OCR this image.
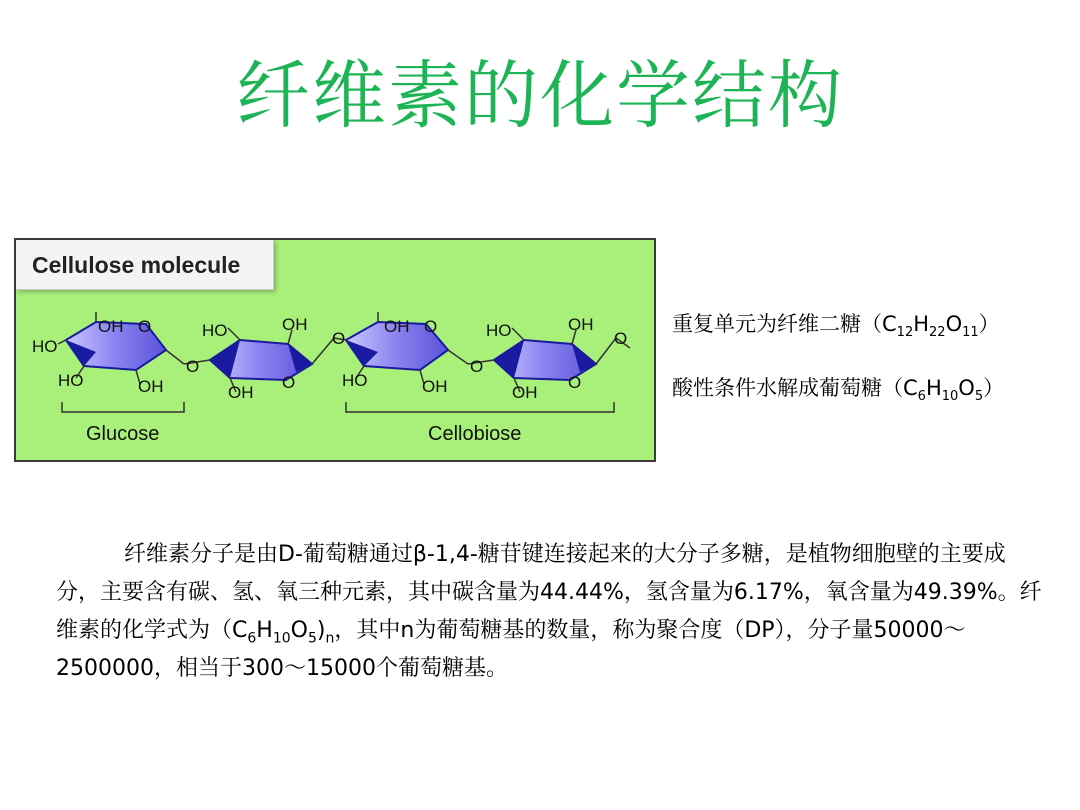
纤维素的化学结构
HO
OH O
HO	OH
O
HO	OH
OH
O
O
OH O
HO	OH
O
HO	OH
OH
O
O
Glucose	Cellobiose
Cellulose molecule
重复单元为纤维二糖$(C_{12}H_{22}O_{11})$
酸性条件水解成葡萄糖$(C_6H_{10}O_5)$
纤维素分子是由D-葡萄糖通过β-1,4-糖苷键连接起来的大分子多糖，是植物细胞壁的主要成分，主要含有碳、氢、氧三种元素，其中碳含量为44.44%，氢含量为6.17%，氧含量为49.39%。纤维素的化学式为$(C_6H_{10}O_5)_n$，其中n为葡萄糖基的数量，称为聚合度（DP），分子量50000～2500000，相当于300～15000个葡萄糖基。
